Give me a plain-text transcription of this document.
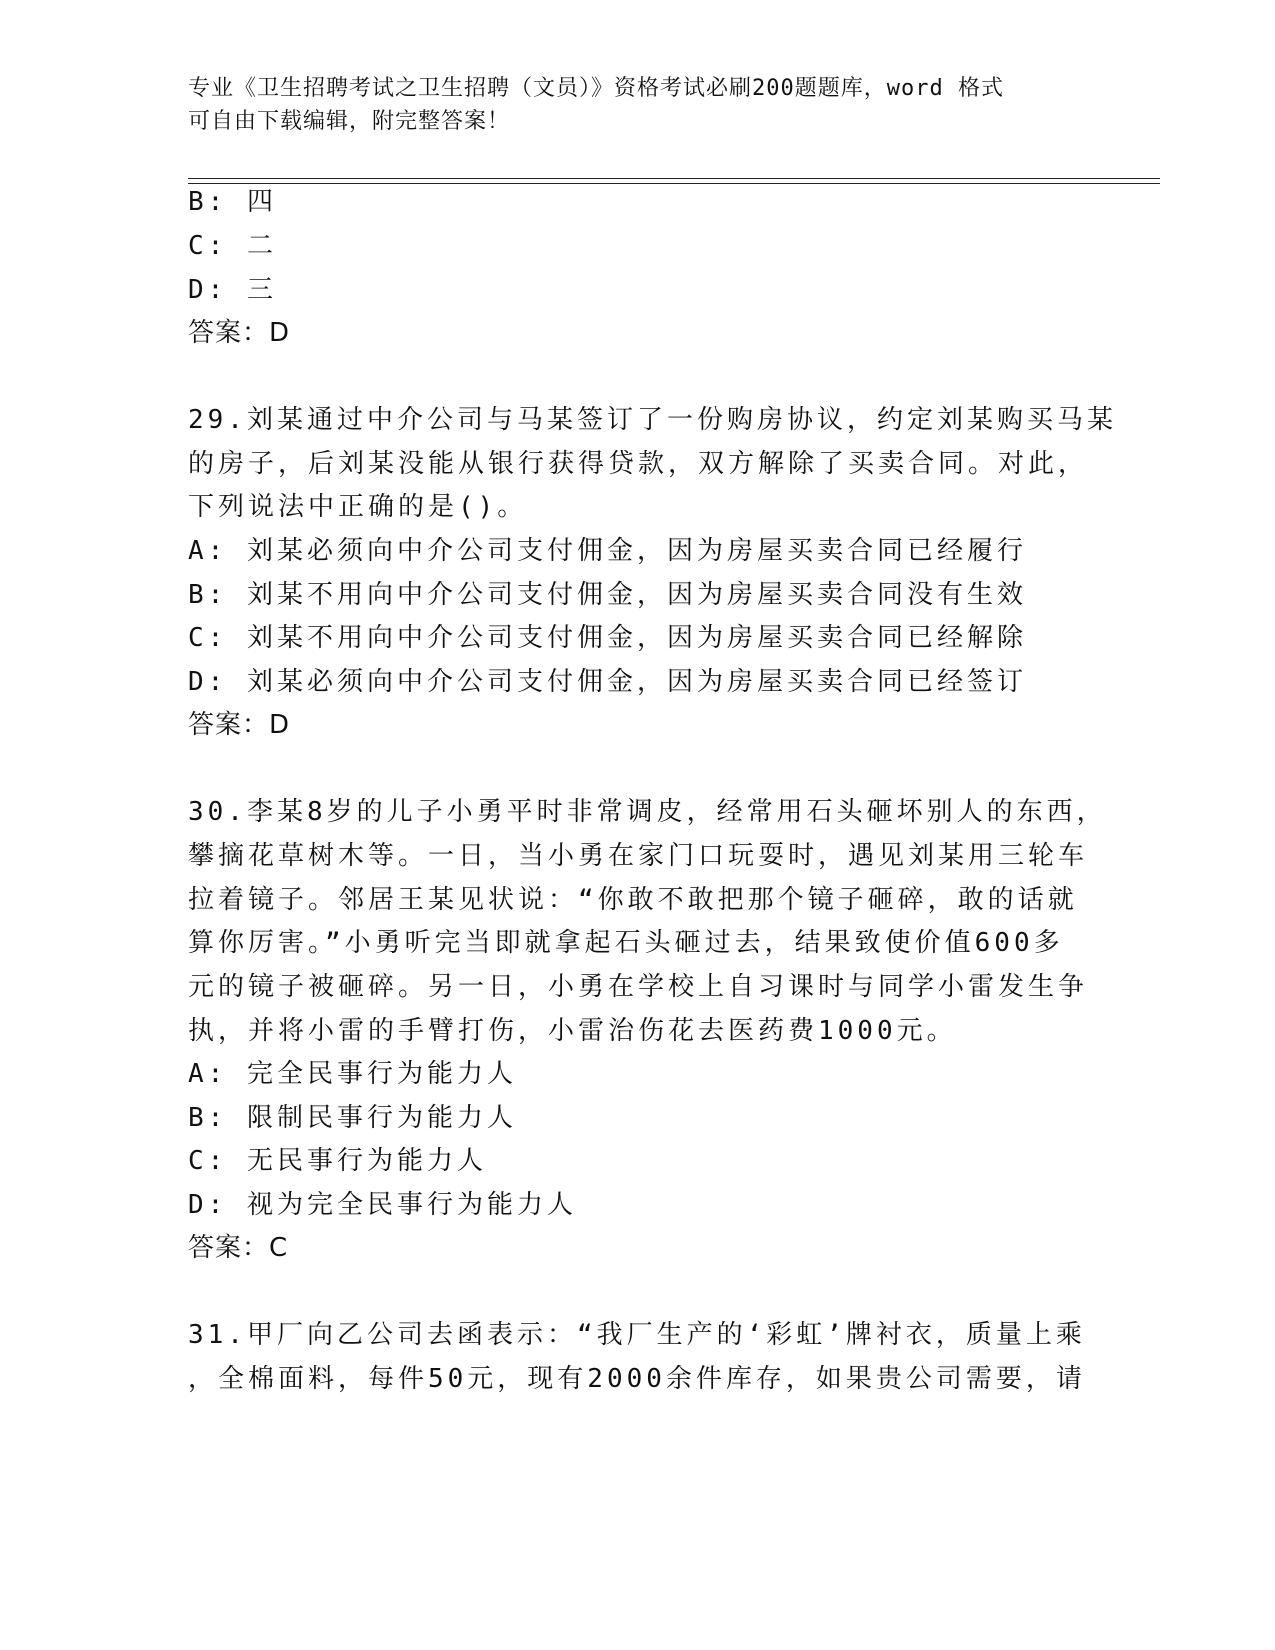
专业《卫生招聘考试之卫生招聘（文员）》资格考试必刷200题题库，word 格式
可自由下载编辑，附完整答案！
B: 四
C: 二
D: 三
答案：D
29.刘某通过中介公司与马某签订了一份购房协议，约定刘某购买马某
的房子，后刘某没能从银行获得贷款，双方解除了买卖合同。对此，
下列说法中正确的是()。
A: 刘某必须向中介公司支付佣金，因为房屋买卖合同已经履行
B: 刘某不用向中介公司支付佣金，因为房屋买卖合同没有生效
C: 刘某不用向中介公司支付佣金，因为房屋买卖合同已经解除
D: 刘某必须向中介公司支付佣金，因为房屋买卖合同已经签订
答案：D
30.李某8岁的儿子小勇平时非常调皮，经常用石头砸坏别人的东西，
攀摘花草树木等。一日，当小勇在家门口玩耍时，遇见刘某用三轮车
拉着镜子。邻居王某见状说：“你敢不敢把那个镜子砸碎，敢的话就
算你厉害。”小勇听完当即就拿起石头砸过去，结果致使价值600多
元的镜子被砸碎。另一日，小勇在学校上自习课时与同学小雷发生争
执，并将小雷的手臂打伤，小雷治伤花去医药费1000元。
A: 完全民事行为能力人
B: 限制民事行为能力人
C: 无民事行为能力人
D: 视为完全民事行为能力人
答案：C
31.甲厂向乙公司去函表示：“我厂生产的‘彩虹’牌衬衣，质量上乘
，全棉面料，每件50元，现有2000余件库存，如果贵公司需要，请
